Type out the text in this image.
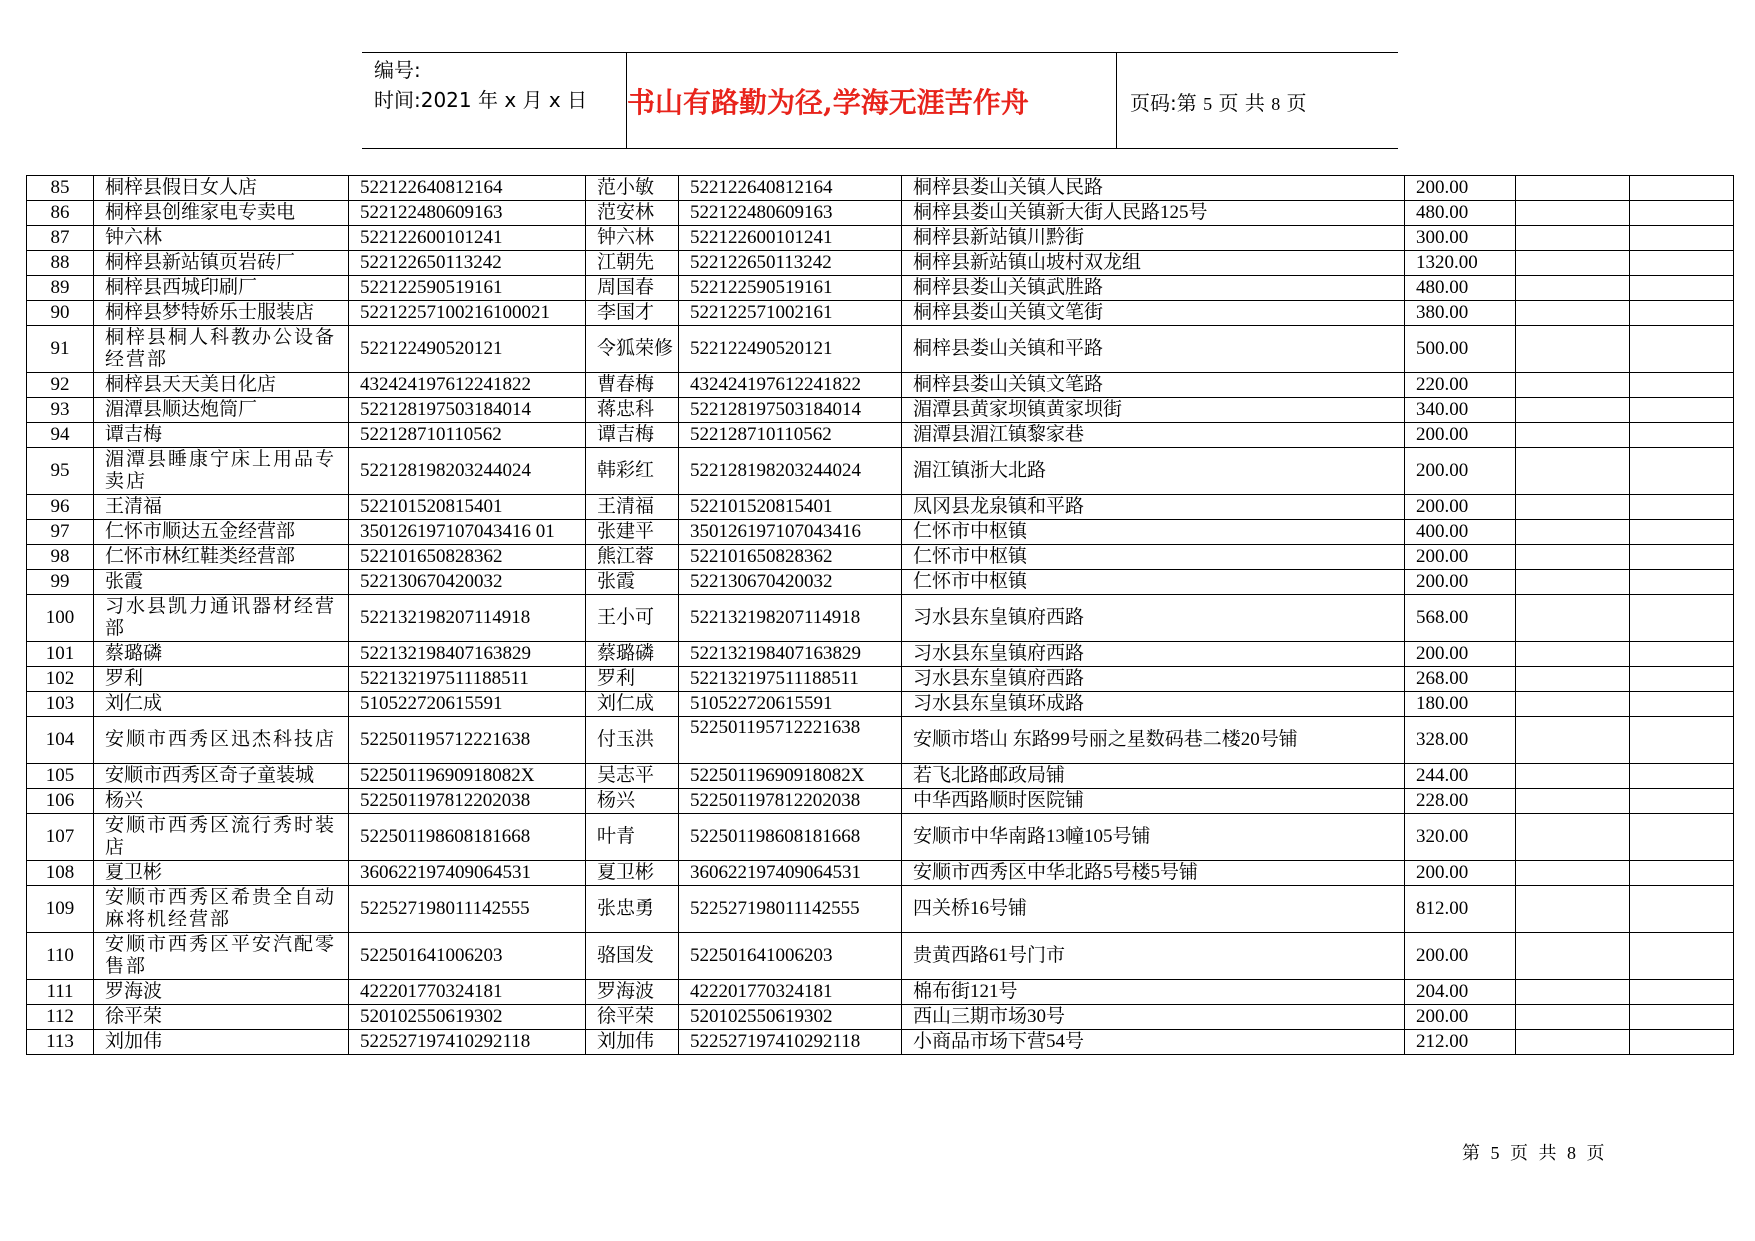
编号:
时间:2021 年 x 月 x 日 书山有路勤为径,学海无涯苦作舟	页码:第 5 页 共 8 页
85	桐梓县假日女人店	522122640812164	范小敏	522122640812164	桐梓县娄山关镇人民路	200.00		
86	桐梓县创维家电专卖电	522122480609163	范安林	522122480609163	桐梓县娄山关镇新大街人民路125号	480.00		
87	钟六林	522122600101241	钟六林	522122600101241	桐梓县新站镇川黔街	300.00		
88	桐梓县新站镇页岩砖厂	522122650113242	江朝先	522122650113242	桐梓县新站镇山坡村双龙组	1320.00		
89	桐梓县西城印刷厂	522122590519161	周国春	522122590519161	桐梓县娄山关镇武胜路	480.00		
90	桐梓县梦特娇乐士服装店	52212257100216100021	李国才	522122571002161	桐梓县娄山关镇文笔街	380.00		
91	桐梓县桐人科教办公设备经营部	522122490520121	令狐荣修	522122490520121	桐梓县娄山关镇和平路	500.00		
92	桐梓县天天美日化店	432424197612241822	曹春梅	432424197612241822	桐梓县娄山关镇文笔路	220.00		
93	湄潭县顺达炮筒厂	522128197503184014	蒋忠科	522128197503184014	湄潭县黄家坝镇黄家坝街	340.00		
94	谭吉梅	522128710110562	谭吉梅	522128710110562	湄潭县湄江镇黎家巷	200.00		
95	湄潭县睡康宁床上用品专卖店	522128198203244024	韩彩红	522128198203244024	湄江镇浙大北路	200.00		
96	王清福	522101520815401	王清福	522101520815401	凤冈县龙泉镇和平路	200.00		
97	仁怀市顺达五金经营部	350126197107043416 01	张建平	350126197107043416	仁怀市中枢镇	400.00		
98	仁怀市林红鞋类经营部	522101650828362	熊江蓉	522101650828362	仁怀市中枢镇	200.00		
99	张霞	522130670420032	张霞	522130670420032	仁怀市中枢镇	200.00		
100	习水县凯力通讯器材经营部	522132198207114918	王小可	522132198207114918	习水县东皇镇府西路	568.00		
101	蔡璐磷	522132198407163829	蔡璐磷	522132198407163829	习水县东皇镇府西路	200.00		
102	罗利	522132197511188511	罗利	522132197511188511	习水县东皇镇府西路	268.00		
103	刘仁成	510522720615591	刘仁成	510522720615591	习水县东皇镇环成路	180.00		
104	安顺市西秀区迅杰科技店	522501195712221638	付玉洪	522501195712221638	安顺市塔山 东路99号丽之星数码巷二楼20号铺	328.00		
105	安顺市西秀区奇子童装城	52250119690918082X	吴志平	52250119690918082X	若飞北路邮政局铺	244.00		
106	杨兴	522501197812202038	杨兴	522501197812202038	中华西路顺时医院铺	228.00		
107	安顺市西秀区流行秀时装店	522501198608181668	叶青	522501198608181668	安顺市中华南路13幢105号铺	320.00		
108	夏卫彬	360622197409064531	夏卫彬	360622197409064531	安顺市西秀区中华北路5号楼5号铺	200.00		
109	安顺市西秀区希贵全自动麻将机经营部	522527198011142555	张忠勇	522527198011142555	四关桥16号铺	812.00		
110	安顺市西秀区平安汽配零售部	522501641006203	骆国发	522501641006203	贵黄西路61号门市	200.00		
111	罗海波	422201770324181	罗海波	422201770324181	棉布街121号	204.00		
112	徐平荣	520102550619302	徐平荣	520102550619302	西山三期市场30号	200.00		
113	刘加伟	522527197410292118	刘加伟	522527197410292118	小商品市场下营54号	212.00		
第 5 页 共 8 页
